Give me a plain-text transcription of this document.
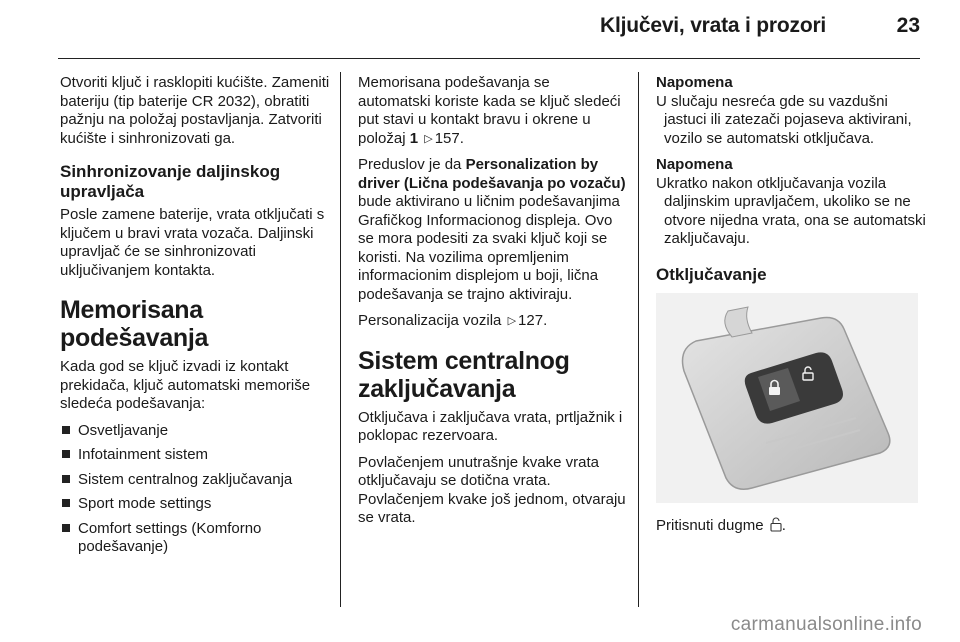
Ključevi, vrata i prozori	23

Otvoriti ključ i rasklopiti kućište. Zameniti bateriju (tip baterije CR 2032), obratiti pažnju na položaj postavljanja. Zatvoriti kućište i sinhronizovati ga.

Sinhronizovanje daljinskog upravljača

Posle zamene baterije, vrata otključati s ključem u bravi vrata vozača. Daljinski upravljač će se sinhronizovati uključivanjem kontakta.

Memorisana podešavanja

Kada god se ključ izvadi iz kontakt prekidača, ključ automatski memoriše sledeća podešavanja:

Osvetljavanje
Infotainment sistem
Sistem centralnog zaključavanja
Sport mode settings
Comfort settings (Komforno podešavanje)

Memorisana podešavanja se automatski koriste kada se ključ sledeći put stavi u kontakt bravu i okrene u položaj 1 ▷ 157.

Preduslov je da Personalization by driver (Lična podešavanja po vozaču) bude aktivirano u ličnim podešavanjima Grafičkog Informacionog displeja. Ovo se mora podesiti za svaki ključ koji se koristi. Na vozilima opremljenim informacionim displejom u boji, lična podešavanja se trajno aktiviraju.

Personalizacija vozila ▷ 127.

Sistem centralnog zaključavanja

Otključava i zaključava vrata, prtljažnik i poklopac rezervoara.

Povlačenjem unutrašnje kvake vrata otključavaju se dotična vrata. Povlačenjem kvake još jednom, otvaraju se vrata.

Napomena

U slučaju nesreća gde su vazdušni jastuci ili zatezači pojaseva aktivirani, vozilo se automatski otključava.

Napomena

Ukratko nakon otključavanja vozila daljinskim upravljačem, ukoliko se ne otvore nijedna vrata, ona se automatski zaključavaju.

Otključavanje

Pritisnuti dugme .

carmanualsonline.info
